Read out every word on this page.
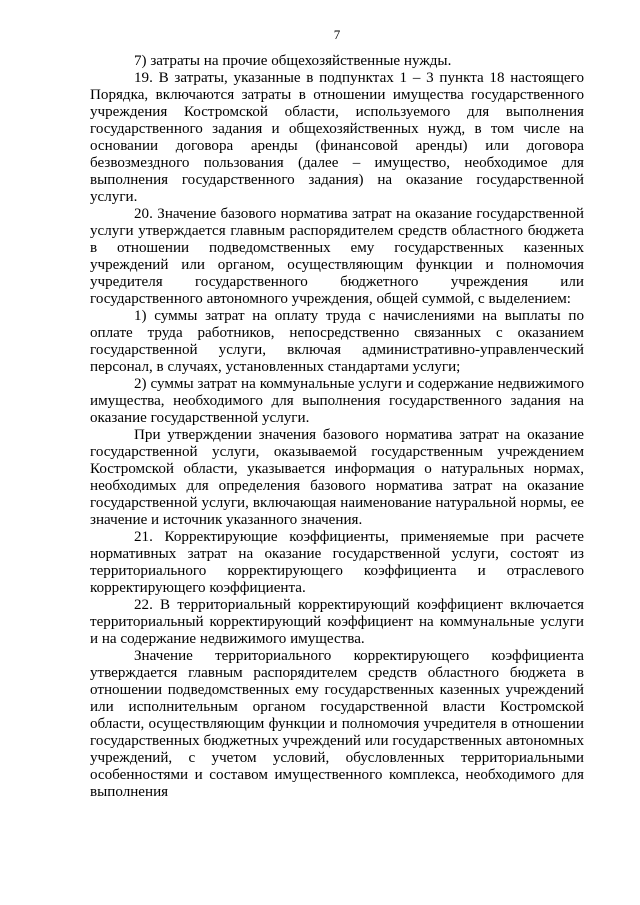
7

7) затраты на прочие общехозяйственные нужды.

19. В затраты, указанные в подпунктах 1 – 3 пункта 18 настоящего Порядка, включаются затраты в отношении имущества государственного учреждения Костромской области, используемого для выполнения государственного задания и общехозяйственных нужд, в том числе на основании договора аренды (финансовой аренды) или договора безвозмездного пользования (далее – имущество, необходимое для выполнения государственного задания) на оказание государственной услуги.

20. Значение базового норматива затрат на оказание государственной услуги утверждается главным распорядителем средств областного бюджета в отношении подведомственных ему государственных казенных учреждений или органом, осуществляющим функции и полномочия учредителя государственного бюджетного учреждения или государственного автономного учреждения, общей суммой, с выделением:

1) суммы затрат на оплату труда с начислениями на выплаты по оплате труда работников, непосредственно связанных с оказанием государственной услуги, включая административно-управленческий персонал, в случаях, установленных стандартами услуги;

2) суммы затрат на коммунальные услуги и содержание недвижимого имущества, необходимого для выполнения государственного задания на оказание государственной услуги.

При утверждении значения базового норматива затрат на оказание государственной услуги, оказываемой государственным учреждением Костромской области, указывается информация о натуральных нормах, необходимых для определения базового норматива затрат на оказание государственной услуги, включающая наименование натуральной нормы, ее значение и источник указанного значения.

21. Корректирующие коэффициенты, применяемые при расчете нормативных затрат на оказание государственной услуги, состоят из территориального корректирующего коэффициента и отраслевого корректирующего коэффициента.

22. В территориальный корректирующий коэффициент включается территориальный корректирующий коэффициент на коммунальные услуги и на содержание недвижимого имущества.

Значение территориального корректирующего коэффициента утверждается главным распорядителем средств областного бюджета в отношении подведомственных ему государственных казенных учреждений или исполнительным органом государственной власти Костромской области, осуществляющим функции и полномочия учредителя в отношении государственных бюджетных учреждений или государственных автономных учреждений, с учетом условий, обусловленных территориальными особенностями и составом имущественного комплекса, необходимого для выполнения
